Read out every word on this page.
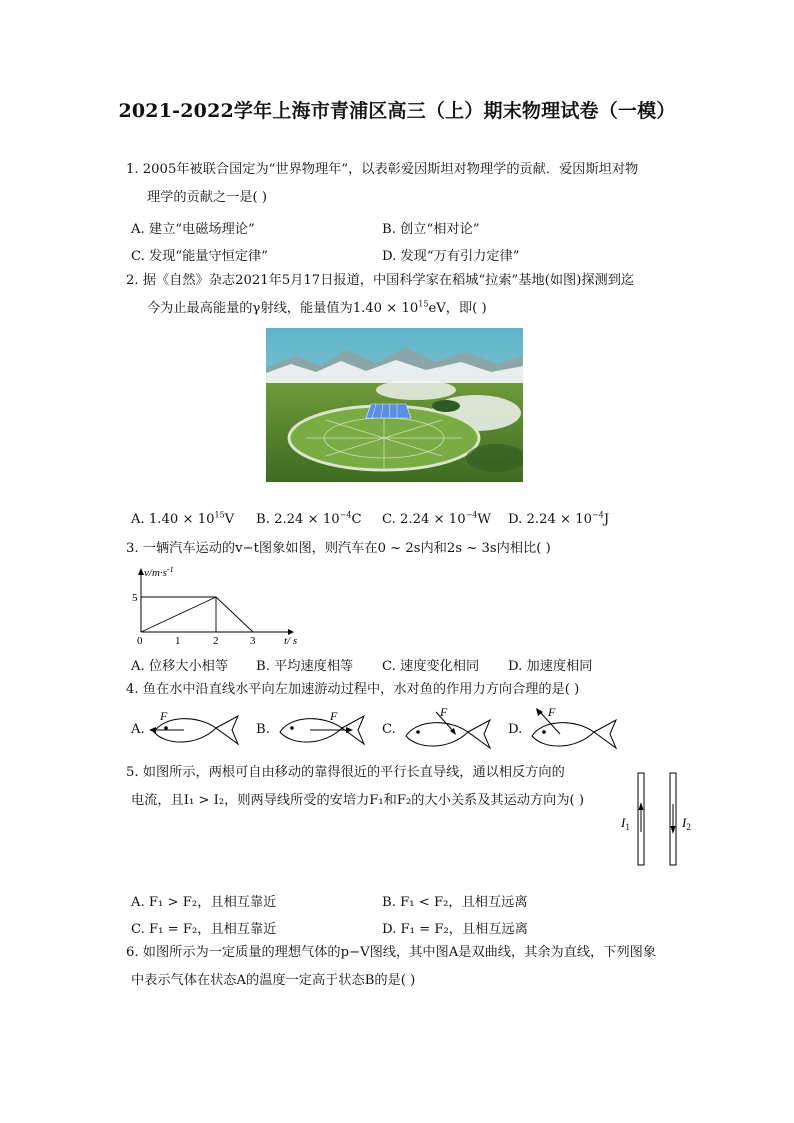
2021-2022学年上海市青浦区高三（上）期末物理试卷（一模）
1. 2005年被联合国定为“世界物理年”，以表彰爱因斯坦对物理学的贡献．爱因斯坦对物
理学的贡献之一是( )
A. 建立“电磁场理论”	B. 创立“相对论”
C. 发现“能量守恒定律”	D. 发现“万有引力定律”
2. 据《自然》杂志2021年5月17日报道，中国科学家在稻城“拉索”基地(如图)探测到迄
今为止最高能量的γ射线，能量值为$1.40 \times 10^{15}eV$，即( )
A. $1.40 \times 10^{15}V$ B. $2.24 \times 10^{-4}C$ C. $2.24 \times 10^{-4}W$ D. $2.24 \times 10^{-4}J$
3. 一辆汽车运动的v−t图象如图，则汽车在0 ~ 2s内和2s ~ 3s内相比( )
$v/m\cdot s^{-1}$
5
0	1	2	3	t/ s
A. 位移大小相等 B. 平均速度相等 C. 速度变化相同 D. 加速度相同
4. 鱼在水中沿直线水平向左加速游动过程中，水对鱼的作用力方向合理的是( )
A.	B.	C.	D.
F	F	F	F
5. 如图所示，两根可自由移动的靠得很近的平行长直导线，通以相反方向的
电流，且I₁ > I₂，则两导线所受的安培力F₁和F₂的大小关系及其运动方向为( )
$I_1$	$I_2$
A. F₁ > F₂，且相互靠近	B. F₁ < F₂，且相互远离
C. F₁ = F₂，且相互靠近	D. F₁ = F₂，且相互远离
6. 如图所示为一定质量的理想气体的p−V图线，其中图A是双曲线，其余为直线，下列图象
中表示气体在状态A的温度一定高于状态B的是( )
